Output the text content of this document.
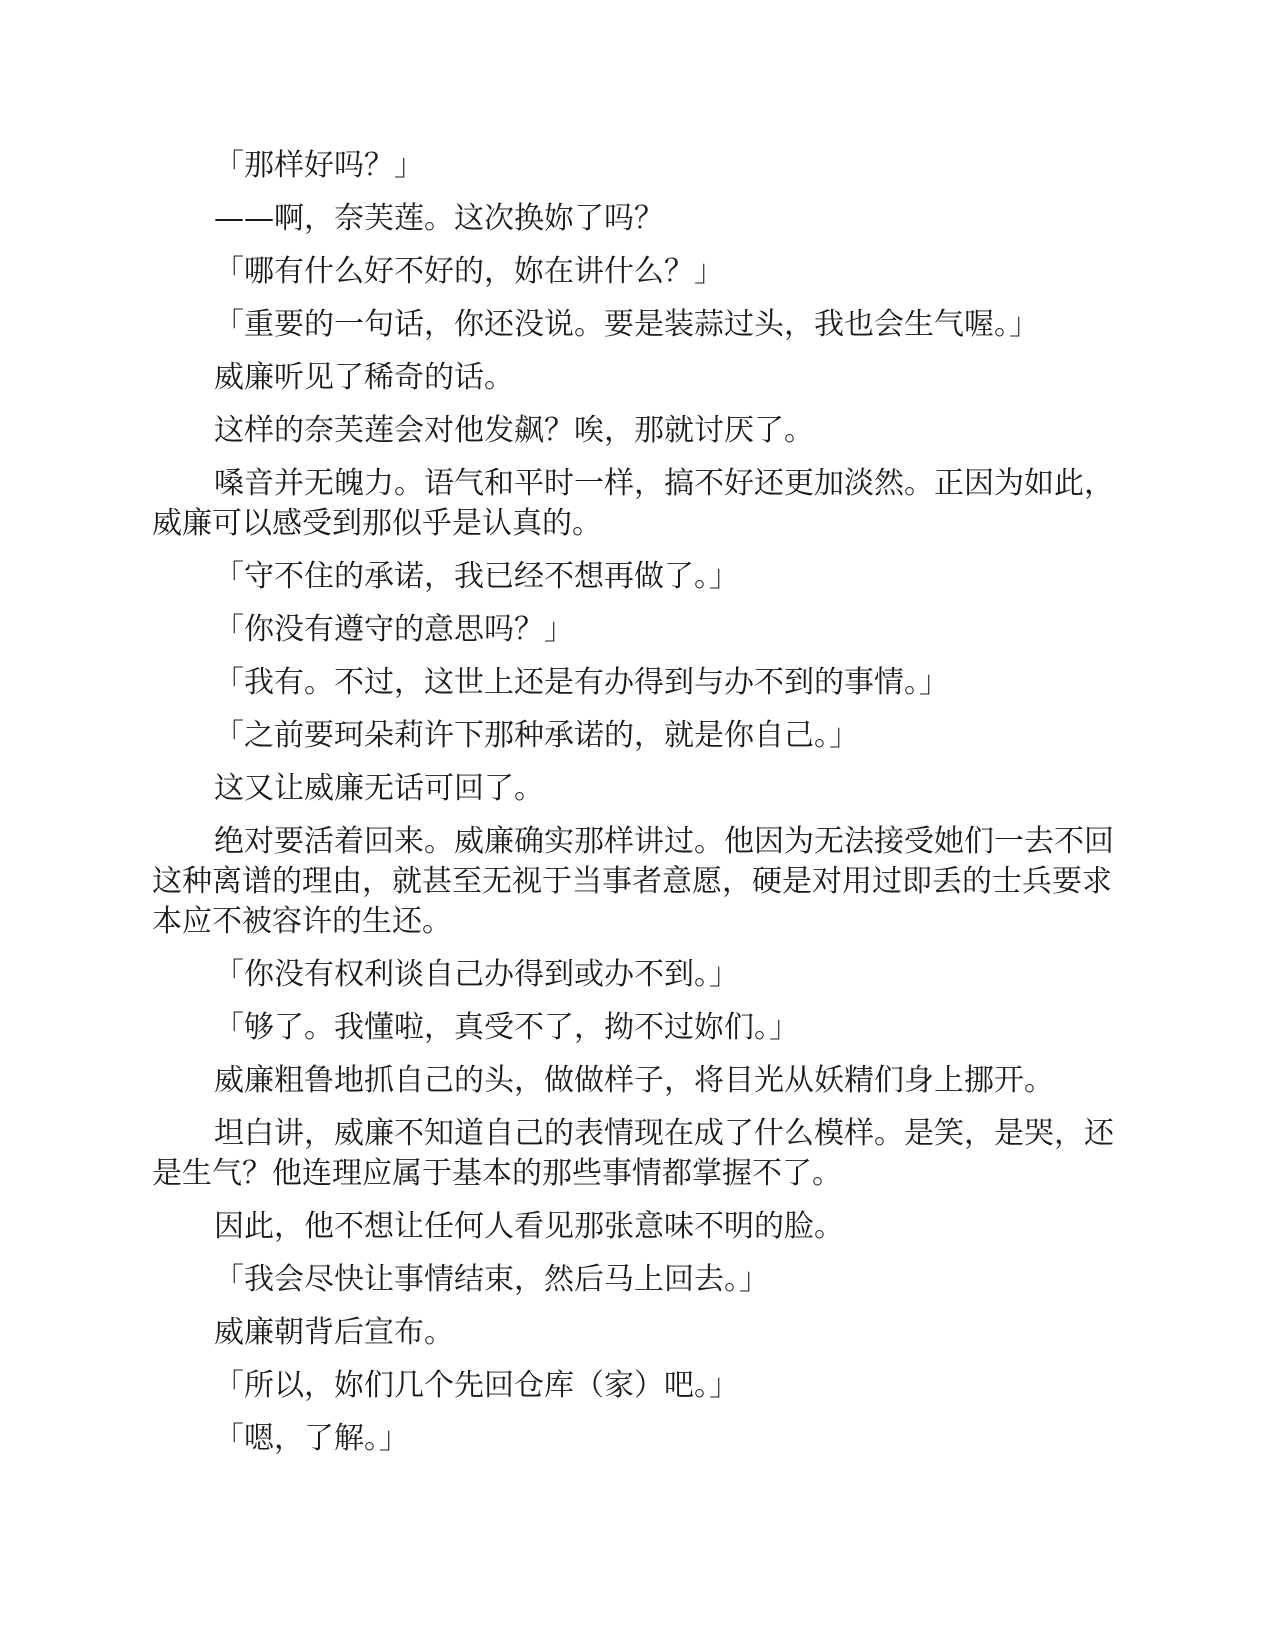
「那样好吗？」

——啊，奈芙莲。这次换妳了吗？

「哪有什么好不好的，妳在讲什么？」

「重要的一句话，你还没说。要是装蒜过头，我也会生气喔。」

威廉听见了稀奇的话。

这样的奈芙莲会对他发飙？唉，那就讨厌了。

嗓音并无魄力。语气和平时一样，搞不好还更加淡然。正因为如此，威廉可以感受到那似乎是认真的。

「守不住的承诺，我已经不想再做了。」

「你没有遵守的意思吗？」

「我有。不过，这世上还是有办得到与办不到的事情。」

「之前要珂朵莉许下那种承诺的，就是你自己。」

这又让威廉无话可回了。

绝对要活着回来。威廉确实那样讲过。他因为无法接受她们一去不回这种离谱的理由，就甚至无视于当事者意愿，硬是对用过即丢的士兵要求本应不被容许的生还。

「你没有权利谈自己办得到或办不到。」

「够了。我懂啦，真受不了，拗不过妳们。」

威廉粗鲁地抓自己的头，做做样子，将目光从妖精们身上挪开。

坦白讲，威廉不知道自己的表情现在成了什么模样。是笑，是哭，还是生气？他连理应属于基本的那些事情都掌握不了。

因此，他不想让任何人看见那张意味不明的脸。

「我会尽快让事情结束，然后马上回去。」

威廉朝背后宣布。

「所以，妳们几个先回仓库（家）吧。」

「嗯，了解。」
